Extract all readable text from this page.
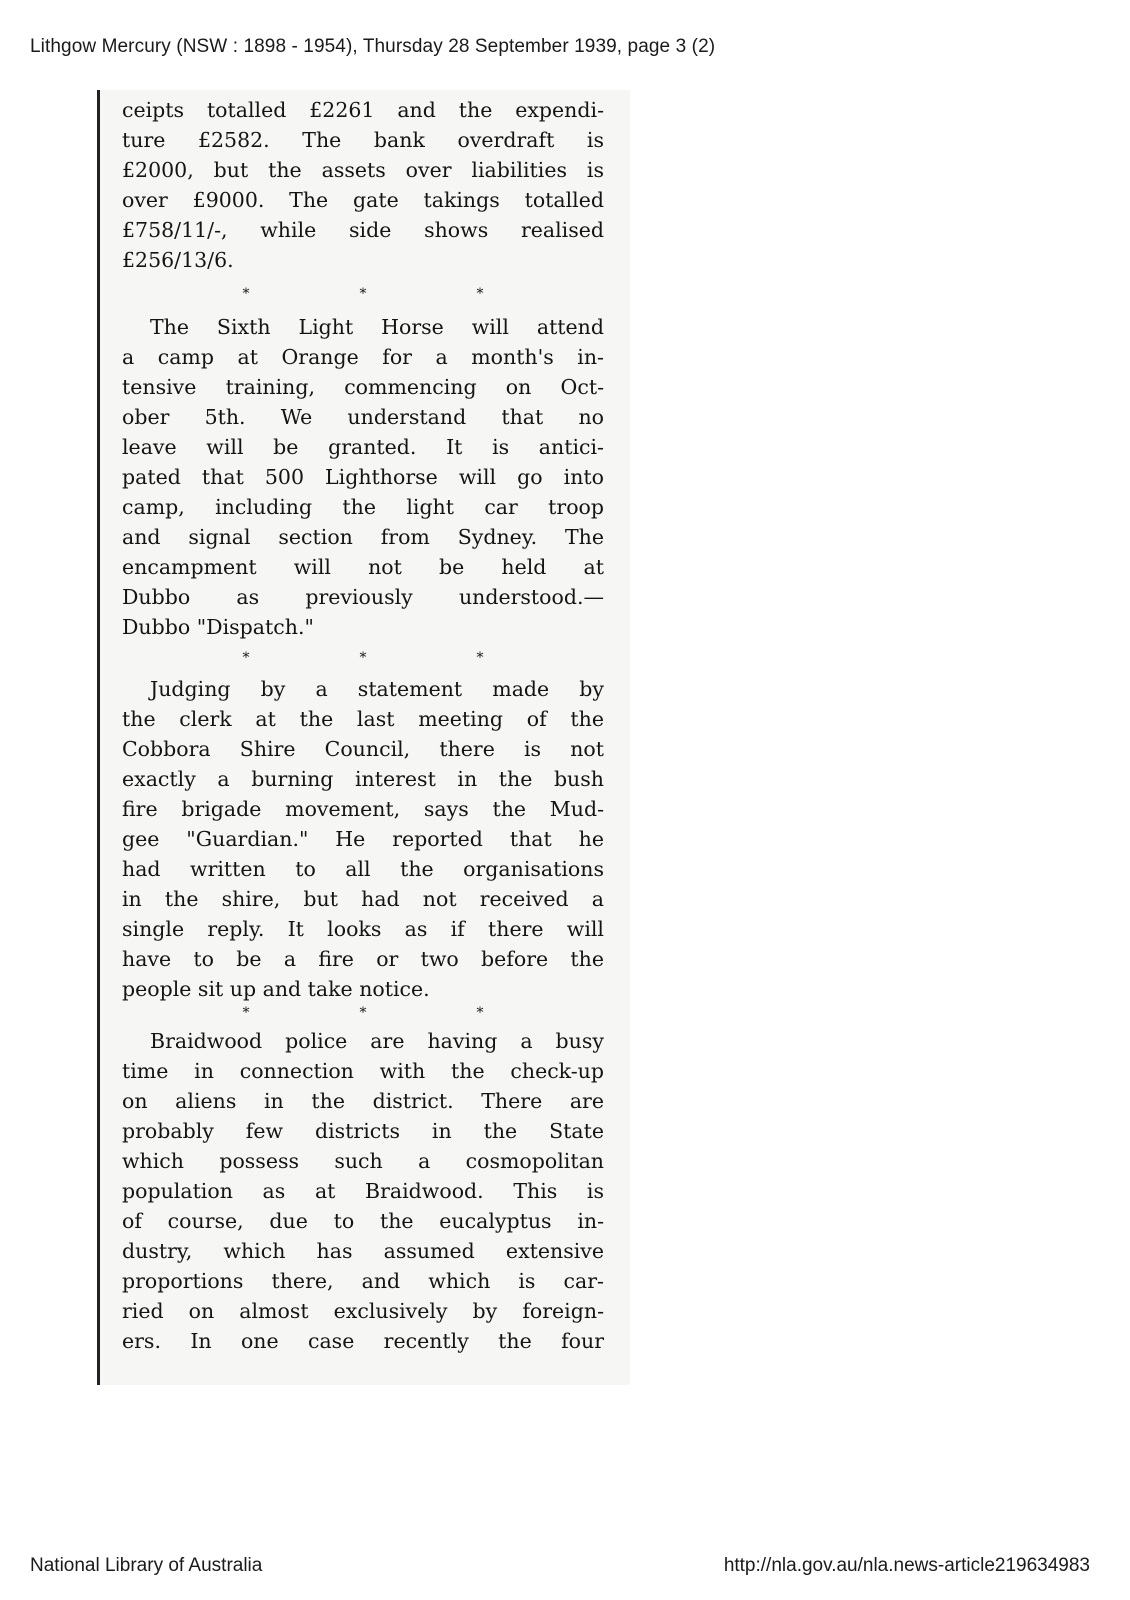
Lithgow Mercury (NSW : 1898 - 1954), Thursday 28 September 1939, page 3 (2)
ceipts totalled £2261 and the expendi-
ture £2582. The bank overdraft is
£2000, but the assets over liabilities is
over £9000. The gate takings totalled
£758/11/-, while side shows realised
£256/13/6.
*	*	*
The Sixth Light Horse will attend
a camp at Orange for a month's in-
tensive training, commencing on Oct-
ober 5th. We understand that no
leave will be granted. It is antici-
pated that 500 Lighthorse will go into
camp, including the light car troop
and signal section from Sydney. The
encampment will not be held at
Dubbo as previously understood.—
Dubbo "Dispatch."
*	*	*
Judging by a statement made by
the clerk at the last meeting of the
Cobbora Shire Council, there is not
exactly a burning interest in the bush
fire brigade movement, says the Mud-
gee "Guardian." He reported that he
had written to all the organisations
in the shire, but had not received a
single reply. It looks as if there will
have to be a fire or two before the
people sit up and take notice.
*	*	*
Braidwood police are having a busy
time in connection with the check-up
on aliens in the district. There are
probably few districts in the State
which possess such a cosmopolitan
population as at Braidwood. This is
of course, due to the eucalyptus in-
dustry, which has assumed extensive
proportions there, and which is car-
ried on almost exclusively by foreign-
ers. In one case recently the four
National Library of Australia	http://nla.gov.au/nla.news-article219634983
